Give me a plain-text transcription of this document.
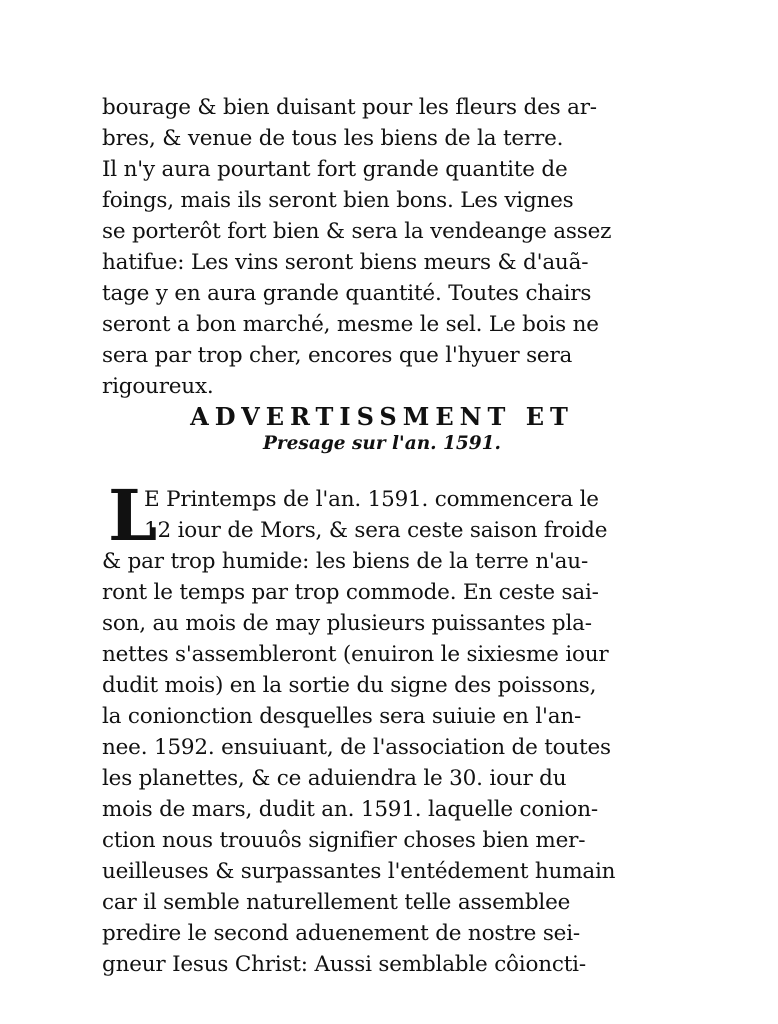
bourage & bien duisant pour les fleurs des ar-
bres, & venue de tous les biens de la terre.
Il n'y aura pourtant fort grande quantite de
foings, mais ils seront bien bons. Les vignes
se porterôt fort bien & sera la vendeange assez
hatifue: Les vins seront biens meurs & d'auã-
tage y en aura grande quantité. Toutes chairs
seront a bon marché, mesme le sel. Le bois ne
sera par trop cher, encores que l'hyuer sera
rigoureux.
ADVERTISSMENT ET
Presage sur l'an. 1591.
L
E Printemps de l'an. 1591. commencera le
12 iour de Mors, & sera ceste saison froide
& par trop humide: les biens de la terre n'au-
ront le temps par trop commode. En ceste sai-
son, au mois de may plusieurs puissantes pla-
nettes s'assembleront (enuiron le sixiesme iour
dudit mois) en la sortie du signe des poissons,
la conionction desquelles sera suiuie en l'an-
nee. 1592. ensuiuant, de l'association de toutes
les planettes, & ce aduiendra le 30. iour du
mois de mars, dudit an. 1591. laquelle conion-
ction nous trouuôs signifier choses bien mer-
ueilleuses & surpassantes l'entédement humain
car il semble naturellement telle assemblee
predire le second aduenement de nostre sei-
gneur Iesus Christ: Aussi semblable côioncti-
